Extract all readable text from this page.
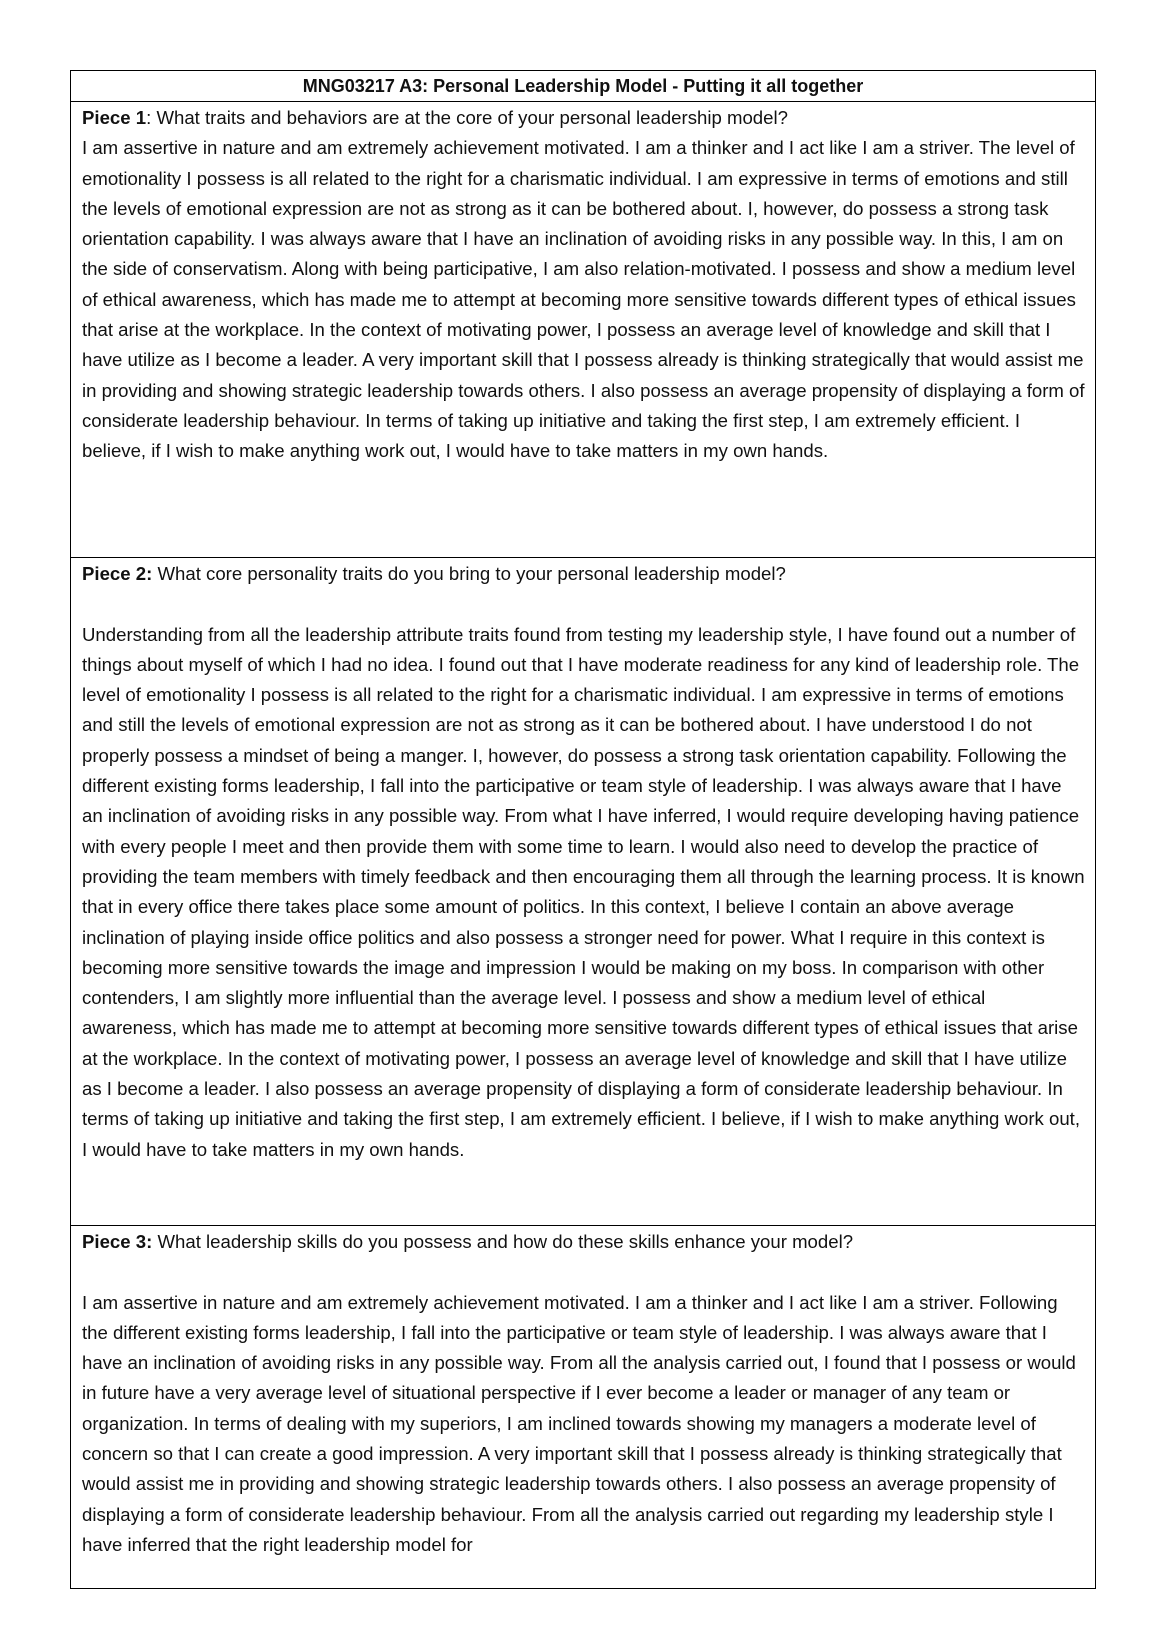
MNG03217 A3: Personal Leadership Model - Putting it all together

Piece 1: What traits and behaviors are at the core of your personal leadership model?

I am assertive in nature and am extremely achievement motivated. I am a thinker and I act like I am a striver. The level of emotionality I possess is all related to the right for a charismatic individual. I am expressive in terms of emotions and still the levels of emotional expression are not as strong as it can be bothered about. I, however, do possess a strong task orientation capability. I was always aware that I have an inclination of avoiding risks in any possible way. In this, I am on the side of conservatism. Along with being participative, I am also relation-motivated. I possess and show a medium level of ethical awareness, which has made me to attempt at becoming more sensitive towards different types of ethical issues that arise at the workplace. In the context of motivating power, I possess an average level of knowledge and skill that I have utilize as I become a leader. A very important skill that I possess already is thinking strategically that would assist me in providing and showing strategic leadership towards others. I also possess an average propensity of displaying a form of considerate leadership behaviour. In terms of taking up initiative and taking the first step, I am extremely efficient. I believe, if I wish to make anything work out, I would have to take matters in my own hands.

Piece 2: What core personality traits do you bring to your personal leadership model?

Understanding from all the leadership attribute traits found from testing my leadership style, I have found out a number of things about myself of which I had no idea. I found out that I have moderate readiness for any kind of leadership role. The level of emotionality I possess is all related to the right for a charismatic individual. I am expressive in terms of emotions and still the levels of emotional expression are not as strong as it can be bothered about. I have understood I do not properly possess a mindset of being a manger. I, however, do possess a strong task orientation capability. Following the different existing forms leadership, I fall into the participative or team style of leadership. I was always aware that I have an inclination of avoiding risks in any possible way. From what I have inferred, I would require developing having patience with every people I meet and then provide them with some time to learn. I would also need to develop the practice of providing the team members with timely feedback and then encouraging them all through the learning process. It is known that in every office there takes place some amount of politics. In this context, I believe I contain an above average inclination of playing inside office politics and also possess a stronger need for power. What I require in this context is becoming more sensitive towards the image and impression I would be making on my boss. In comparison with other contenders, I am slightly more influential than the average level. I possess and show a medium level of ethical awareness, which has made me to attempt at becoming more sensitive towards different types of ethical issues that arise at the workplace. In the context of motivating power, I possess an average level of knowledge and skill that I have utilize as I become a leader. I also possess an average propensity of displaying a form of considerate leadership behaviour. In terms of taking up initiative and taking the first step, I am extremely efficient. I believe, if I wish to make anything work out, I would have to take matters in my own hands.

Piece 3: What leadership skills do you possess and how do these skills enhance your model?

I am assertive in nature and am extremely achievement motivated. I am a thinker and I act like I am a striver. Following the different existing forms leadership, I fall into the participative or team style of leadership. I was always aware that I have an inclination of avoiding risks in any possible way. From all the analysis carried out, I found that I possess or would in future have a very average level of situational perspective if I ever become a leader or manager of any team or organization. In terms of dealing with my superiors, I am inclined towards showing my managers a moderate level of concern so that I can create a good impression. A very important skill that I possess already is thinking strategically that would assist me in providing and showing strategic leadership towards others. I also possess an average propensity of displaying a form of considerate leadership behaviour. From all the analysis carried out regarding my leadership style I have inferred that the right leadership model for
